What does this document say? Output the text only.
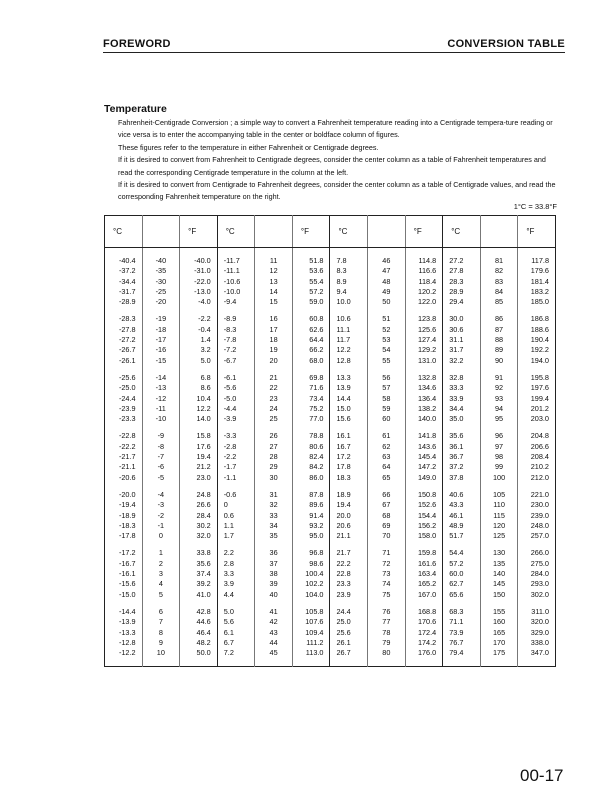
FOREWORD	CONVERSION TABLE
Temperature

Fahrenheit-Centigrade Conversion ; a simple way to convert a Fahrenheit temperature reading into a Centigrade tempera-ture reading or vice versa is to enter the accompanying table in the center or boldface column of figures.

These figures refer to the temperature in either Fahrenheit or Centigrade degrees.

If it is desired to convert from Fahrenheit to Centigrade degrees, consider the center column as a table of Fahrenheit temperatures and read the corresponding Centigrade temperature in the column at the left.

If it is desired to convert from Centigrade to Fahrenheit degrees, consider the center column as a table of Centigrade values, and read the corresponding Fahrenheit temperature on the right.

1°C = 33.8°F
°C		°F	°C		°F	°C		°F	°C		°F

-40.4	-40	-40.0	-11.7	11	51.8	7.8	46	114.8	27.2	81	117.8
-37.2	-35	-31.0	-11.1	12	53.6	8.3	47	116.6	27.8	82	179.6
-34.4	-30	-22.0	-10.6	13	55.4	8.9	48	118.4	28.3	83	181.4
-31.7	-25	-13.0	-10.0	14	57.2	9.4	49	120.2	28.9	84	183.2
-28.9	-20	-4.0	-9.4	15	59.0	10.0	50	122.0	29.4	85	185.0

-28.3	-19	-2.2	-8.9	16	60.8	10.6	51	123.8	30.0	86	186.8
-27.8	-18	-0.4	-8.3	17	62.6	11.1	52	125.6	30.6	87	188.6
-27.2	-17	1.4	-7.8	18	64.4	11.7	53	127.4	31.1	88	190.4
-26.7	-16	3.2	-7.2	19	66.2	12.2	54	129.2	31.7	89	192.2
-26.1	-15	5.0	-6.7	20	68.0	12.8	55	131.0	32.2	90	194.0

-25.6	-14	6.8	-6.1	21	69.8	13.3	56	132.8	32.8	91	195.8
-25.0	-13	8.6	-5.6	22	71.6	13.9	57	134.6	33.3	92	197.6
-24.4	-12	10.4	-5.0	23	73.4	14.4	58	136.4	33.9	93	199.4
-23.9	-11	12.2	-4.4	24	75.2	15.0	59	138.2	34.4	94	201.2
-23.3	-10	14.0	-3.9	25	77.0	15.6	60	140.0	35.0	95	203.0

-22.8	-9	15.8	-3.3	26	78.8	16.1	61	141.8	35.6	96	204.8
-22.2	-8	17.6	-2.8	27	80.6	16.7	62	143.6	36.1	97	206.6
-21.7	-7	19.4	-2.2	28	82.4	17.2	63	145.4	36.7	98	208.4
-21.1	-6	21.2	-1.7	29	84.2	17.8	64	147.2	37.2	99	210.2
-20.6	-5	23.0	-1.1	30	86.0	18.3	65	149.0	37.8	100	212.0

-20.0	-4	24.8	-0.6	31	87.8	18.9	66	150.8	40.6	105	221.0
-19.4	-3	26.6	0	32	89.6	19.4	67	152.6	43.3	110	230.0
-18.9	-2	28.4	0.6	33	91.4	20.0	68	154.4	46.1	115	239.0
-18.3	-1	30.2	1.1	34	93.2	20.6	69	156.2	48.9	120	248.0
-17.8	0	32.0	1.7	35	95.0	21.1	70	158.0	51.7	125	257.0

-17.2	1	33.8	2.2	36	96.8	21.7	71	159.8	54.4	130	266.0
-16.7	2	35.6	2.8	37	98.6	22.2	72	161.6	57.2	135	275.0
-16.1	3	37.4	3.3	38	100.4	22.8	73	163.4	60.0	140	284.0
-15.6	4	39.2	3.9	39	102.2	23.3	74	165.2	62.7	145	293.0
-15.0	5	41.0	4.4	40	104.0	23.9	75	167.0	65.6	150	302.0

-14.4	6	42.8	5.0	41	105.8	24.4	76	168.8	68.3	155	311.0
-13.9	7	44.6	5.6	42	107.6	25.0	77	170.6	71.1	160	320.0
-13.3	8	46.4	6.1	43	109.4	25.6	78	172.4	73.9	165	329.0
-12.8	9	48.2	6.7	44	111.2	26.1	79	174.2	76.7	170	338.0
-12.2	10	50.0	7.2	45	113.0	26.7	80	176.0	79.4	175	347.0

00-17
